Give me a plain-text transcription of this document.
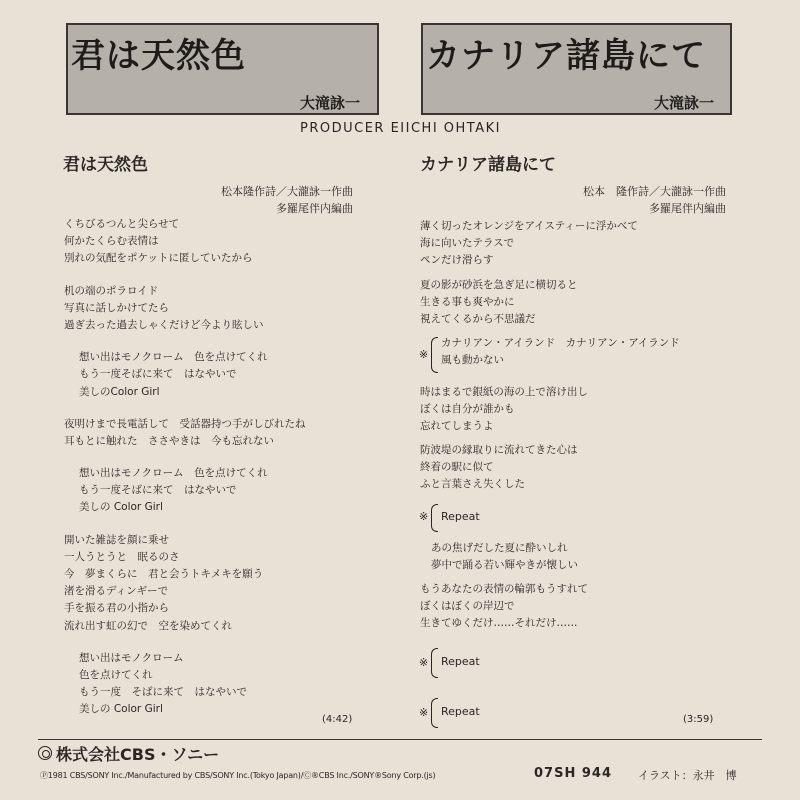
君は天然色
大滝詠一
カナリア諸島にて
大滝詠一
PRODUCER EIICHI OHTAKI
君は天然色
松本隆作詩／大瀧詠一作曲
多羅尾伴内編曲
くちびるつんと尖らせて
何かたくらむ表情は
別れの気配をポケットに匿していたから
机の端のポラロイド
写真に話しかけてたら
過ぎ去った過去しゃくだけど今より眩しい
想い出はモノクローム　色を点けてくれ
もう一度そばに来て　はなやいで
美しのColor Girl
夜明けまで長電話して　受話器持つ手がしびれたね
耳もとに触れた　ささやきは　今も忘れない
想い出はモノクローム　色を点けてくれ
もう一度そばに来て　はなやいで
美しの Color Girl
開いた雑誌を顔に乗せ
一人うとうと　眠るのさ
今　夢まくらに　君と会うトキメキを願う
渚を滑るディンギーで
手を振る君の小指から
流れ出す虹の幻で　空を染めてくれ
想い出はモノクローム
色を点けてくれ
もう一度　そばに来て　はなやいで
美しの Color Girl
(4:42)
カナリア諸島にて
松本　隆作詩／大瀧詠一作曲
多羅尾伴内編曲
薄く切ったオレンジをアイスティーに浮かべて
海に向いたテラスで
ペンだけ滑らす
夏の影が砂浜を急ぎ足に横切ると
生きる事も爽やかに
視えてくるから不思議だ
※
カナリアン・アイランド　カナリアン・アイランド
風も動かない
時はまるで銀紙の海の上で溶け出し
ぼくは自分が誰かも
忘れてしまうよ
防波堤の縁取りに流れてきた心は
終着の駅に似て
ふと言葉さえ失くした
※ Repeat
あの焦げだした夏に酔いしれ
夢中で踊る若い輝やきが懐しい
もうあなたの表情の輪郭もうすれて
ぼくはぼくの岸辺で
生きてゆくだけ……それだけ……
※ Repeat
※ Repeat
(3:59)
株式会社CBS・ソニー
Ⓟ1981 CBS/SONY Inc./Manufactured by CBS/SONY Inc.(Tokyo Japan)/Ⓒ®CBS Inc./SONY®Sony Corp.(js)	07SH 944 イラスト：永井　博
